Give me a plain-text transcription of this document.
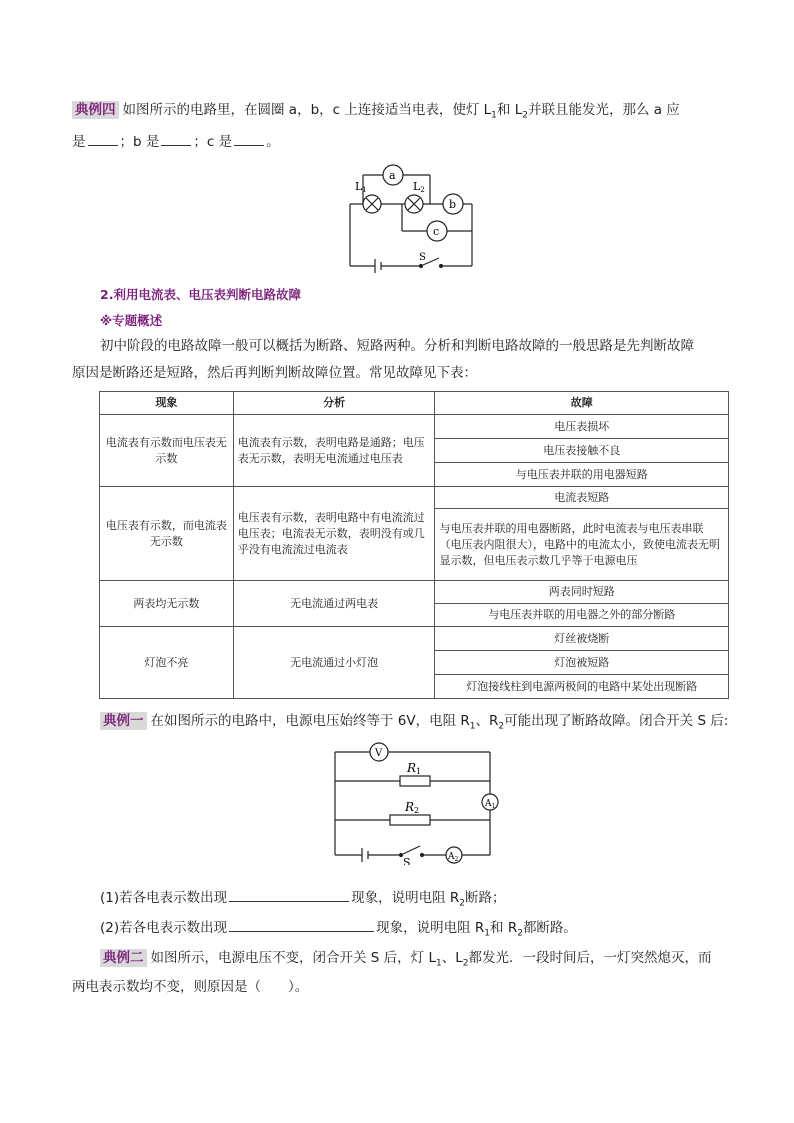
典例四 如图所示的电路里，在圆圈 a，b，c 上连接适当电表，使灯 $L_1$和 $L_2$并联且能发光，那么 a 应
是	；b 是	；c 是	。
a
b
c
L1	L2
S
2.利用电流表、电压表判断电路故障
※专题概述
初中阶段的电路故障一般可以概括为断路、短路两种。分析和判断电路故障的一般思路是先判断故障
原因是断路还是短路，然后再判断判断故障位置。常见故障见下表：
现象	分析	故障
电流表有示数而电压表无示数	电流表有示数，表明电路是通路；电压表无示数，表明无电流通过电压表	电压表损坏
		电压表接触不良
		与电压表并联的用电器短路
电压表有示数，而电流表无示数	电压表有示数，表明电路中有电流流过电压表；电流表无示数，表明没有或几乎没有电流流过电流表	电流表短路
		与电压表并联的用电器断路，此时电流表与电压表串联（电压表内阻很大），电路中的电流太小，致使电流表无明显示数，但电压表示数几乎等于电源电压
两表均无示数	无电流通过两电表	两表同时短路
		与电压表并联的用电器之外的部分断路
灯泡不亮	无电流通过小灯泡	灯丝被烧断
		灯泡被短路
		灯泡接线柱到电源两极间的电路中某处出现断路
典例一 在如图所示的电路中，电源电压始终等于 6V，电阻 $R_1$、$R_2$可能出现了断路故障。闭合开关 S 后:
V
R1
R2
$A_1$
$A_2$
S
(1)若各电表示数出现	现象，说明电阻 $R_2$断路；
(2)若各电表示数出现	现象，说明电阻 $R_1$和 $R_2$都断路。
典例二 如图所示，电源电压不变，闭合开关 S 后，灯 $L_1$、$L_2$都发光．一段时间后，一灯突然熄灭，而
两电表示数均不变，则原因是（　　）。
